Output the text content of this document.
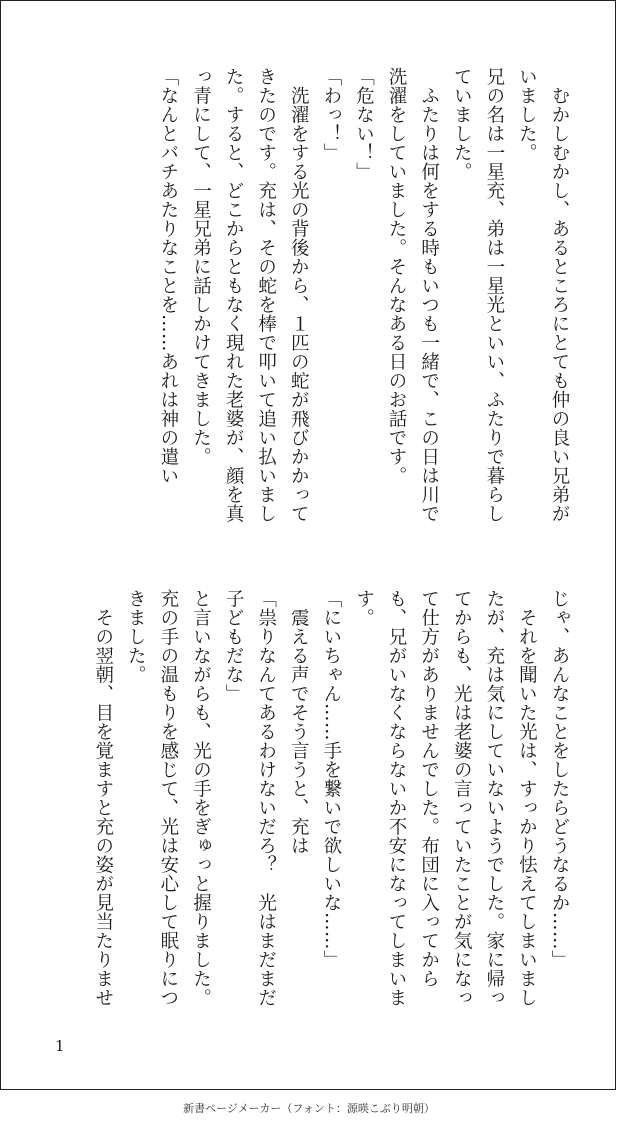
むかしむかし、あるところにとても仲の良い兄弟がいました。

兄の名は一星充、弟は一星光といい、ふたりで暮らしていました。

ふたりは何をする時もいつも一緒で、この日は川で洗濯をしていました。そんなある日のお話です。

「危ない！」

「わっ！」

洗濯をする光の背後から、１匹の蛇が飛びかかってきたのです。充は、その蛇を棒で叩いて追い払いました。すると、どこからともなく現れた老婆が、顔を真っ青にして、一星兄弟に話しかけてきました。

「なんとバチあたりなことを……あれは神の遣い

じゃ、あんなことをしたらどうなるか……」

それを聞いた光は、すっかり怯えてしまいましたが、充は気にしていないようでした。家に帰ってからも、光は老婆の言っていたことが気になって仕方がありませんでした。布団に入ってからも、兄がいなくならないか不安になってしまいます。

「にいちゃん……手を繋いで欲しいな……」

震える声でそう言うと、充は

「祟りなんてあるわけないだろ？　光はまだまだ子どもだな」

と言いながらも、光の手をぎゅっと握りました。充の手の温もりを感じて、光は安心して眠りにつきました。

その翌朝、目を覚ますと充の姿が見当たりませ

1
新書ページメーカー（フォント：源暎こぶり明朝）
